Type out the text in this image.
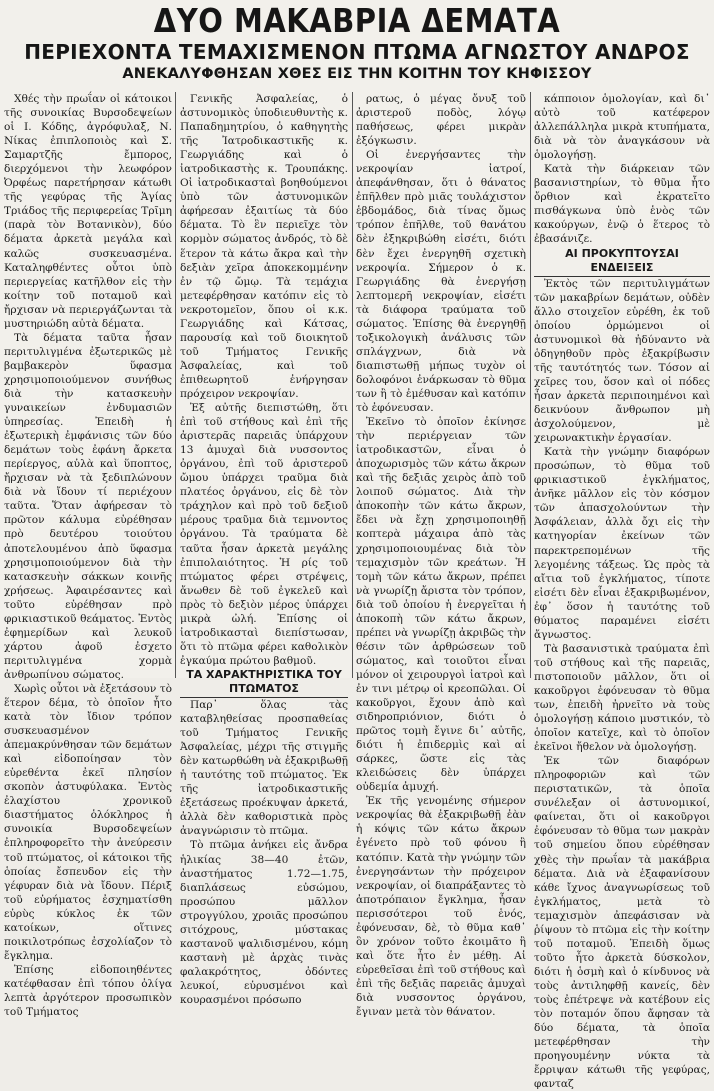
ΔΥΟ ΜΑΚΑΒΡΙΑ ΔΕΜΑΤΑ
ΠΕΡΙΕΧΟΝΤΑ ΤΕΜΑΧΙΣΜΕΝΟΝ ΠΤΩΜΑ ΑΓΝΩΣΤΟΥ ΑΝΔΡΟΣ
ΑΝΕΚΑΛΥΦΘΗΣΑΝ ΧΘΕΣ ΕΙΣ ΤΗΝ ΚΟΙΤΗΝ ΤΟΥ ΚΗΦΙΣΣΟΥ

Χθές τὴν πρωΐαν οἱ κάτοικοι τῆς συνοικίας Βυρσοδεψείων οἱ Ι. Κόδης, ἀγρόφυλαξ, Ν. Νίκας ἐπιπλοποιὸς καὶ Σ. Σαμαρτζῆς ἔμπορος, διερχόμενοι τὴν λεωφόρον Ὀρφέως παρετήρησαν κάτωθι τῆς γεφύρας τῆς Ἁγίας Τριάδος τῆς περιφερείας Τρῖμη (παρὰ τὸν Βοτανικὸν), δύο δέματα ἀρκετὰ μεγάλα καὶ καλῶς συσκευασμένα. Καταληφθέντες οὗτοι ὑπὸ περιεργείας κατῆλθον εἰς τὴν κοίτην τοῦ ποταμοῦ καὶ ἤρχισαν νὰ περιεργάζωνται τὰ μυστηριώδη αὐτὰ δέματα.

Τὰ δέματα ταῦτα ἦσαν περιτυλιγμένα ἐξωτερικῶς μὲ βαμβακερὸν ὕφασμα χρησιμοποιούμενον συνήθως διὰ τὴν κατασκευὴν γυναικείων ἐνδυμασιῶν ὑπηρεσίας. Ἐπειδὴ ἡ ἐξωτερικὴ ἐμφάνισις τῶν δύο δεμάτων τοὺς ἐφάνη ἄρκετα περίεργος, αὐλὰ καὶ ὕποπτος, ἤρχισαν νὰ τὰ ξεδιπλώνουν διὰ νὰ ἴδουν τί περιέχουν ταῦτα. Ὅταν ἀφήρεσαν τὸ πρῶτον κάλυμα εὑρέθησαν πρὸ δευτέρου τοιούτου ἀποτελουμένου ἀπὸ ὕφασμα χρησιμοποιούμενον διὰ τὴν κατασκευὴν σάκκων κοινῆς χρήσεως. Ἀφαιρέσαντες καὶ τοῦτο εὑρέθησαν πρὸ φρικιαστικοῦ θεάματος. Ἐντὸς ἐφημερίδων καὶ λευκοῦ χάρτου ἀφοῦ ἐσχετο περιτυλιγμένα χορμὰ ἀνθρωπίνου σώματος.

Χωρὶς οὗτοι νὰ ἐξετάσουν τὸ ἕτερον δέμα, τὸ ὁποῖον ἦτο κατὰ τὸν ἴδιον τρόπον συσκευασμένον ἀπεμακρύνθησαν τῶν δεμάτων καὶ εἰδοποίησαν τὸν εὑρεθέντα ἐκεῖ πλησίον σκοπὸν ἀστυφύλακα. Ἐντὸς ἐλαχίστου χρονικοῦ διαστήματος ὁλόκληρος ἡ συνοικία Βυρσοδεψείων ἐπληροφορεῖτο τὴν ἀνεύρεσιν τοῦ πτώματος, οἱ κάτοικοι τῆς ὁποίας ἔσπευδον εἰς τὴν γέφυραν διὰ νὰ ἴδουν. Πέριξ τοῦ εὑρήματος ἐσχηματίσθη εὐρὺς κύκλος ἐκ τῶν κατοίκων, οἵτινες ποικιλοτρόπως ἐσχολίαζον τὸ ἔγκλημα.

Ἐπίσης εἰδοποιηθέντες κατέφθασαν ἐπὶ τόπου ὀλίγα λεπτὰ ἀργότερον προσωπικὸν τοῦ Τμήματος

Γενικῆς Ἀσφαλείας, ὁ ἀστυνομικὸς ὑποδιευθυντὴς κ. Παπαδημητρίου, ὁ καθηγητὴς τῆς Ἰατροδικαστικῆς κ. Γεωργιάδης καὶ ὁ ἰατροδικαστὴς κ. Τρουπάκης. Οἱ ἰατροδικασταὶ βοηθούμενοι ὑπὸ τῶν ἀστυνομικῶν ἀφήρεσαν ἐξαιτίως τὰ δύο δέματα. Τὸ ἓν περιεῖχε τὸν κορμὸν σώματος ἀνδρός, τὸ δὲ ἕτερον τὰ κάτω ἄκρα καὶ τὴν δεξιὰν χεῖρα ἀποκεκομμένην ἐν τῷ ὤμῳ. Τὰ τεμάχια μετεφέρθησαν κατόπιν εἰς τὸ νεκροτομεῖον, ὅπου οἱ κ.κ. Γεωργιάδης καὶ Κάτσας, παρουσίᾳ καὶ τοῦ διοικητοῦ τοῦ Τμήματος Γενικῆς Ἀσφαλείας, καὶ τοῦ ἐπιθεωρητοῦ ἐνήργησαν πρόχειρον νεκροψίαν.

Ἐξ αὐτῆς διεπιστώθη, ὅτι ἐπὶ τοῦ στήθους καὶ ἐπὶ τῆς ἀριστερᾶς παρειᾶς ὑπάρχουν 13 ἀμυχαὶ διὰ νυσσοντος ὀργάνου, ἐπὶ τοῦ ἀριστεροῦ ὤμου ὑπάρχει τραῦμα διὰ πλατέος ὀργάνου, εἰς δὲ τὸν τράχηλον καὶ πρὸ τοῦ δεξιοῦ μέρους τραῦμα διὰ τεμνοντος ὀργάνου. Τὰ τραύματα δὲ ταῦτα ἦσαν ἀρκετὰ μεγάλης ἐπιπολαιότητος. Ἡ ρίς τοῦ πτώματος φέρει στρέψεις, ἄνωθεν δὲ τοῦ ἐγκελεῦ καὶ πρὸς τὸ δεξιὸν μέρος ὑπάρχει μικρὰ ὠλή. Ἐπίσης οἱ ἰατροδικασταὶ διεπίστωσαν, ὅτι τὸ πτῶμα φέρει καθολικὸν ἐγκαύμα πρώτου βαθμοῦ.

ΤΑ ΧΑΡΑΚΤΗΡΙΣΤΙΚΑ ΤΟΥ ΠΤΩΜΑΤΟΣ

Παρ᾽ ὅλας τὰς καταβληθείσας προσπαθείας τοῦ Τμήματος Γενικῆς Ἀσφαλείας, μέχρι τῆς στιγμῆς δὲν κατωρθώθη νὰ ἐξακριβωθῇ ἡ ταυτότης τοῦ πτώματος. Ἐκ τῆς ἰατροδικαστικῆς ἐξετάσεως προέκυψαν ἀρκετά, ἀλλὰ δὲν καθοριστικὰ πρὸς ἀναγνώρισιν τὸ πτῶμα.

Τὸ πτῶμα ἀνήκει εἰς ἄνδρα ἡλικίας 38—40 ἐτῶν, ἀναστήματος 1.72—1.75, διαπλάσεως εὐσώμου, προσώπου μᾶλλον στρογγύλου, χροιᾶς προσώπου σιτόχρους, μύστακας καστανοῦ ψαλιδισμένου, κόμη καστανὴ μὲ ἀρχὰς τινὰς φαλακρότητος, ὀδόντες λευκοί, εὐρυσμένοι καὶ κουρασμένοι πρόσωπο

ρατως, ὁ μέγας ὄνυξ τοῦ ἀριστεροῦ ποδὸς, λόγῳ παθήσεως, φέρει μικρὰν ἐξόγκωσιν.

Οἱ ἐνεργήσαντες τὴν νεκροψίαν ἰατροί, ἀπεφάνθησαν, ὅτι ὁ θάνατος ἐπῆλθεν πρὸ μιᾶς τουλάχιστον ἑβδομάδος, διὰ τίνας ὅμως τρόπον ἐπῆλθε, τοῦ θανάτου δὲν ἐξηκριβώθη εἰσέτι, διότι δὲν ἔχει ἐνεργηθῆ σχετικὴ νεκροψία. Σήμερον ὁ κ. Γεωργιάδης θὰ ἐνεργήσῃ λεπτομερῆ νεκροψίαν, εἰσέτι τὰ διάφορα τραύματα τοῦ σώματος. Ἐπίσης θὰ ἐνεργηθῇ τοξικολογικὴ ἀνάλυσις τῶν σπλάγχνων, διὰ νὰ διαπιστωθῇ μήπως τυχὸν οἱ δολοφόνοι ἐνάρκωσαν τὸ θῦμα των ἢ τὸ ἐμέθυσαν καὶ κατόπιν τὸ ἐφόνευσαν.

Ἐκεῖνο τὸ ὁποῖον ἐκίνησε τὴν περιέργειαν τῶν ἰατροδικαστῶν, εἶναι ὁ ἀποχωρισμὸς τῶν κάτω ἄκρων καὶ τῆς δεξιᾶς χειρὸς ἀπὸ τοῦ λοιποῦ σώματος. Διὰ τὴν ἀποκοπὴν τῶν κάτω ἄκρων, ἔδει νὰ ἔχῃ χρησιμοποιηθῇ κοπτερὰ μάχαιρα ἀπὸ τὰς χρησιμοποιουμένας διὰ τὸν τεμαχισμὸν τῶν κρεάτων. Ἡ τομὴ τῶν κάτω ἄκρων, πρέπει νὰ γνωρίζῃ ἄριστα τὸν τρόπον, διὰ τοῦ ὁποίου ἡ ἐνεργεῖται ἡ ἀποκοπὴ τῶν κάτω ἄκρων, πρέπει νὰ γνωρίζῃ ἀκριβῶς τὴν θέσιν τῶν ἀρθρώσεων τοῦ σώματος, καὶ τοιοῦτοι εἶναι μόνον οἱ χειρουργοὶ ἰατροὶ καὶ ἐν τινι μέτρῳ οἱ κρεοπῶλαι. Οἱ κακοῦργοι, ἔχουν ἀπὸ καὶ σιδηροπριόνιον, διότι ὁ πρῶτος τομὴ ἔγινε δι᾽ αὐτῆς, διότι ἡ ἐπιδερμὶς καὶ αἱ σάρκες, ὥστε εἰς τὰς κλειδώσεις δὲν ὑπάρχει οὐδεμία ἀμυχή.

Ἐκ τῆς γενομένης σήμερον νεκροψίας θὰ ἐξακριβωθῇ ἐὰν ἡ κόψις τῶν κάτω ἄκρων ἐγένετο πρὸ τοῦ φόνου ἢ κατόπιν. Κατὰ τὴν γνώμην τῶν ἐνεργησάντων τὴν πρόχειρον νεκροψίαν, οἱ διαπράξαντες τὸ ἀποτρόπαιον ἔγκλημα, ἦσαν περισσότεροι τοῦ ἑνός, ἐφόνευσαν, δὲ, τὸ θῦμα καθ᾽ ὃν χρόνον τοῦτο ἐκοιμᾶτο ἢ καὶ ὅτε ἦτο ἐν μέθῃ. Αἱ εὑρεθεῖσαι ἐπὶ τοῦ στήθους καὶ ἐπὶ τῆς δεξιᾶς παρειᾶς ἀμυχαὶ διὰ νυσσοντος ὀργάνου, ἔγιναν μετὰ τὸν θάνατον.

κάπποιον ὁμολογίαν, καὶ δι᾽ αὐτὸ τοῦ κατέφερον ἀλλεπάλληλα μικρὰ κτυπήματα, διὰ νὰ τὸν ἀναγκάσουν νὰ ὁμολογήσῃ.

Κατὰ τὴν διάρκειαν τῶν βασανιστηρίων, τὸ θῦμα ἦτο ὄρθιον καὶ ἐκρατεῖτο πισθάγκωνα ὑπὸ ἑνὸς τῶν κακούργων, ἐνῷ ὁ ἕτερος τὸ ἐβασάνιζε.

ΑΙ ΠΡΟΚΥΠΤΟΥΣΑΙ ΕΝΔΕΙΞΕΙΣ

Ἐκτὸς τῶν περιτυλιγμάτων τῶν μακαβρίων δεμάτων, οὐδὲν ἄλλο στοιχεῖον εὑρέθη, ἐκ τοῦ ὁποίου ὁρμώμενοι οἱ ἀστυνομικοὶ θὰ ἠδύναντο νὰ ὁδηγηθοῦν πρὸς ἐξακρίβωσιν τῆς ταυτότητός των. Τόσον αἱ χεῖρες του, ὅσον καὶ οἱ πόδες ἦσαν ἀρκετὰ περιποιημένοι καὶ δεικνύουν ἄνθρωπον μὴ ἀσχολούμενον, μὲ χειρωνακτικὴν ἐργασίαν.

Κατὰ τὴν γνώμην διαφόρων προσώπων, τὸ θῦμα τοῦ φρικιαστικοῦ ἐγκλήματος, ἀνῆκε μᾶλλον εἰς τὸν κόσμον τῶν ἀπασχολούντων τὴν Ἀσφάλειαν, ἀλλὰ ὄχι εἰς τὴν κατηγορίαν ἐκείνων τῶν παρεκτρεπομένων τῆς λεγομένης τάξεως. Ὡς πρὸς τὰ αἴτια τοῦ ἐγκλήματος, τίποτε εἰσέτι δὲν εἶναι ἐξακριβωμένον, ἐφ᾽ ὅσον ἡ ταυτότης τοῦ θύματος παραμένει εἰσέτι ἄγνωστος.

Τὰ βασανιστικὰ τραύματα ἐπὶ τοῦ στήθους καὶ τῆς παρειᾶς, πιστοποιοῦν μᾶλλον, ὅτι οἱ κακοῦργοι ἐφόνευσαν τὸ θῦμα των, ἐπειδὴ ἠρνεῖτο νὰ τοὺς ὁμολογήσῃ κάποιο μυστικόν, τὸ ὁποῖον κατεῖχε, καὶ τὸ ὁποῖον ἐκεῖνοι ἤθελον νὰ ὁμολογήσῃ.

Ἐκ τῶν διαφόρων πληροφοριῶν καὶ τῶν περιστατικῶν, τὰ ὁποῖα συνέλεξαν οἱ ἀστυνομικοί, φαίνεται, ὅτι οἱ κακοῦργοι ἐφόνευσαν τὸ θῦμα των μακρὰν τοῦ σημείου ὅπου εὑρέθησαν χθὲς τὴν πρωΐαν τὰ μακάβρια δέματα. Διὰ νὰ ἐξαφανίσουν κάθε ἴχνος ἀναγνωρίσεως τοῦ ἐγκλήματος, μετὰ τὸ τεμαχισμὸν ἀπεφάσισαν νὰ ῥίψουν τὸ πτῶμα εἰς τὴν κοίτην τοῦ ποταμοῦ. Ἐπειδὴ ὅμως τοῦτο ἦτο ἀρκετὰ δύσκολον, διότι ἡ ὁσμὴ καὶ ὁ κίνδυνος νὰ τοὺς ἀντιληφθῇ κανείς, δὲν τοὺς ἐπέτρεψε νὰ κατέβουν εἰς τὸν ποταμόν ὅπου ἄφησαν τὰ δύο δέματα, τὰ ὁποῖα μετεφέρθησαν τὴν προηγουμένην νύκτα τὰ ἔρριψαν κάτωθι τῆς γεφύρας, φανταζ
